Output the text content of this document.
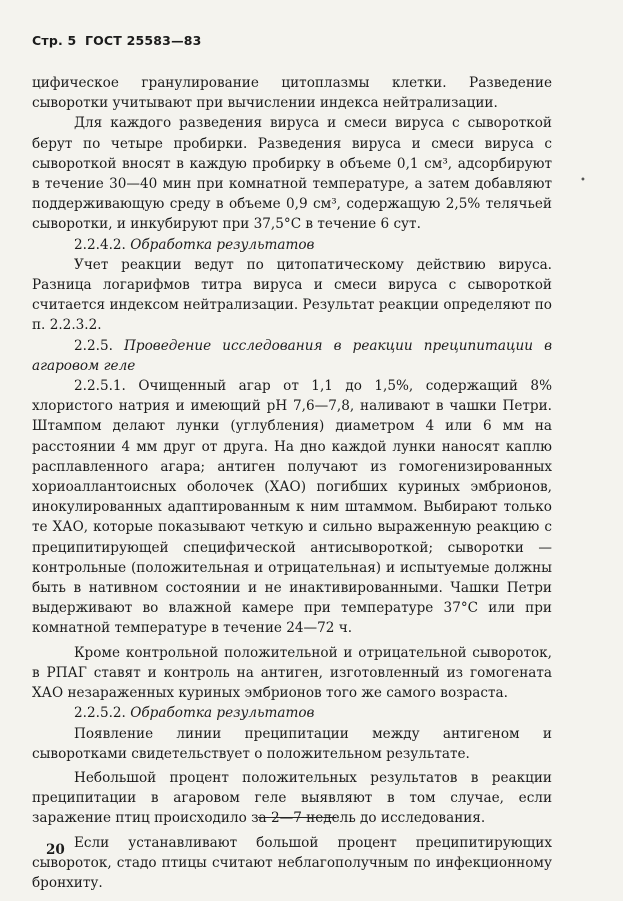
Стр. 5 ГОСТ 25583—83

цифическое гранулирование цитоплазмы клетки. Разведение сыворотки учитывают при вычислении индекса нейтрализации.

Для каждого разведения вируса и смеси вируса с сывороткой берут по четыре пробирки. Разведения вируса и смеси вируса с сывороткой вносят в каждую пробирку в объеме 0,1 см³, адсорбируют в течение 30—40 мин при комнатной температуре, а затем добавляют поддерживающую среду в объеме 0,9 см³, содержащую 2,5% телячьей сыворотки, и инкубируют при 37,5°С в течение 6 сут.

2.2.4.2. Обработка результатов

Учет реакции ведут по цитопатическому действию вируса. Разница логарифмов титра вируса и смеси вируса с сывороткой считается индексом нейтрализации. Результат реакции определяют по п. 2.2.3.2.

2.2.5. Проведение исследования в реакции преципитации в агаровом геле

2.2.5.1. Очищенный агар от 1,1 до 1,5%, содержащий 8% хлористого натрия и имеющий рН 7,6—7,8, наливают в чашки Петри. Штампом делают лунки (углубления) диаметром 4 или 6 мм на расстоянии 4 мм друг от друга. На дно каждой лунки наносят каплю расплавленного агара; антиген получают из гомогенизированных хориоаллантоисных оболочек (ХАО) погибших куриных эмбрионов, инокулированных адаптированным к ним штаммом. Выбирают только те ХАО, которые показывают четкую и сильно выраженную реакцию с преципитирующей специфической антисывороткой; сыворотки — контрольные (положительная и отрицательная) и испытуемые должны быть в нативном состоянии и не инактивированными. Чашки Петри выдерживают во влажной камере при температуре 37°С или при комнатной температуре в течение 24—72 ч.

Кроме контрольной положительной и отрицательной сывороток, в РПАГ ставят и контроль на антиген, изготовленный из гомогената ХАО незараженных куриных эмбрионов того же самого возраста.

2.2.5.2. Обработка результатов

Появление линии преципитации между антигеном и сыворотками свидетельствует о положительном результате.

Небольшой процент положительных результатов в реакции преципитации в агаровом геле выявляют в том случае, если заражение птиц происходило за 2—7 недель до исследования.

Если устанавливают большой процент преципитирующих сывороток, стадо птицы считают неблагополучным по инфекционному бронхиту.

•
20
